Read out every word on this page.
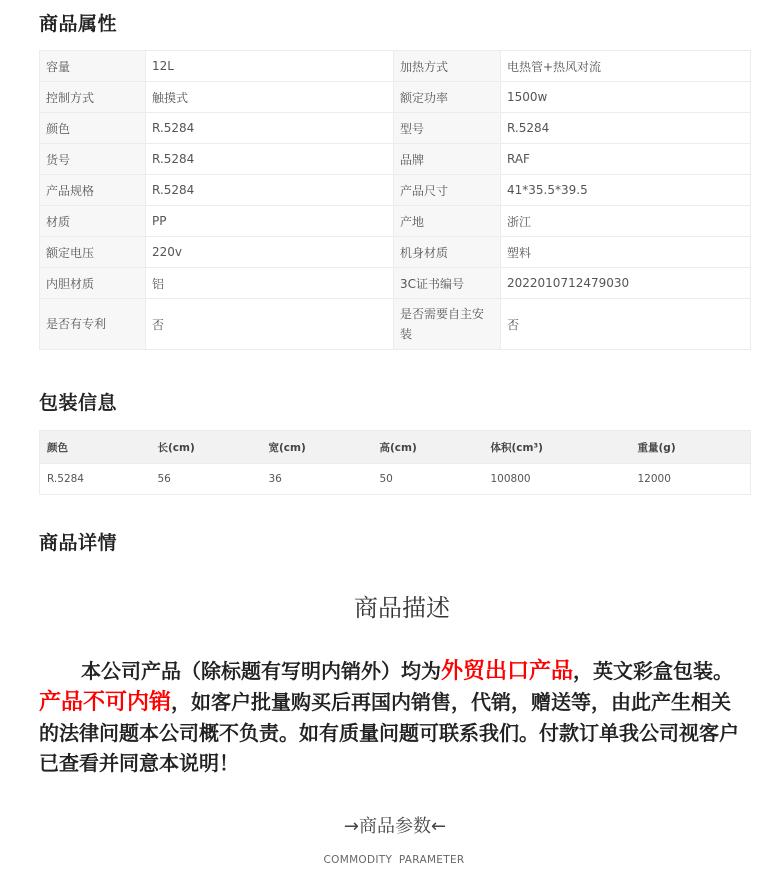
商品属性
容量	12L	加热方式	电热管+热风对流
控制方式	触摸式	额定功率	1500w
颜色	R.5284	型号	R.5284
货号	R.5284	品牌	RAF
产品规格	R.5284	产品尺寸	41*35.5*39.5
材质	PP	产地	浙江
额定电压	220v	机身材质	塑料
内胆材质	铝	3C证书编号	2022010712479030
是否有专利	否	是否需要自主安装	否
包装信息
颜色	长(cm)	宽(cm)	高(cm)	体积(cm³)	重量(g)
R.5284	56	36	50	100800	12000
商品详情
商品描述
本公司产品（除标题有写明内销外）均为外贸出口产品，英文彩盒包装。产品不可内销，如客户批量购买后再国内销售，代销，赠送等，由此产生相关的法律问题本公司概不负责。如有质量问题可联系我们。付款订单我公司视客户已查看并同意本说明！
→商品参数←
COMMODITY PARAMETER
